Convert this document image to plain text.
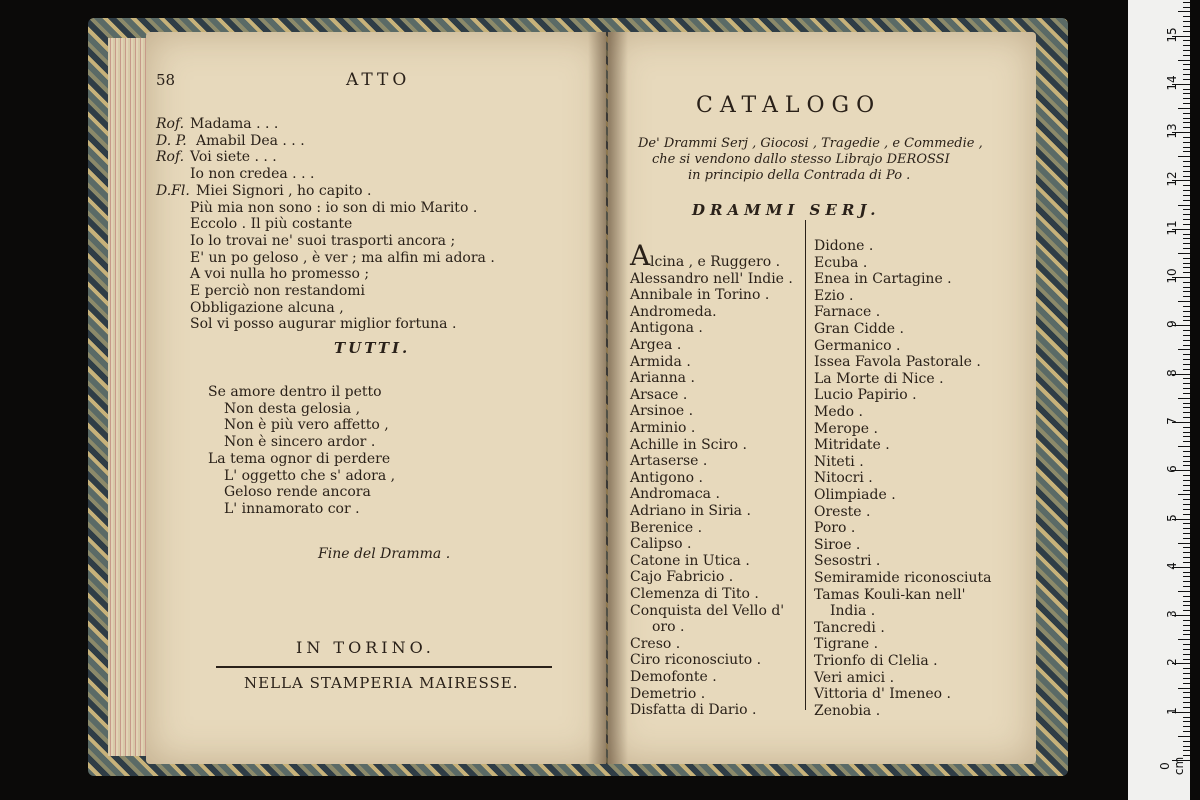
58	ATTO
Rof. Madama . . .
D. P. Amabil Dea . . .
Rof. Voi siete . . .
Io non credea . . .
D.Fl. Miei Signori , ho capito .
Più mia non sono : io son di mio Marito .
Eccolo . Il più costante
Io lo trovai ne' suoi trasporti ancora ;
E' un po geloso , è ver ; ma alfin mi adora .
A voi nulla ho promesso ;
E perciò non restandomi
Obbligazione alcuna ,
Sol vi posso augurar miglior fortuna .
TUTTI.
Se amore dentro il petto
Non desta gelosia ,
Non è più vero affetto ,
Non è sincero ardor .
La tema ognor di perdere
L' oggetto che s' adora ,
Geloso rende ancora
L' innamorato cor .
Fine del Dramma .
IN TORINO.
NELLA STAMPERIA MAIRESSE.
CATALOGO
De' Drammi Serj , Giocosi , Tragedie , e Commedie ,
che si vendono dallo stesso Librajo DEROSSI
in principio della Contrada di Po .
DRAMMI SERJ.
A lcina , e Ruggero .
Alessandro nell' Indie .
Annibale in Torino .
Andromeda.
Antigona .
Argea .
Armida .
Arianna .
Arsace .
Arsinoe .
Arminio .
Achille in Sciro .
Artaserse .
Antigono .
Andromaca .
Adriano in Siria .
Berenice .
Calipso .
Catone in Utica .
Cajo Fabricio .
Clemenza di Tito .
Conquista del Vello d'
oro .
Creso .
Ciro riconosciuto .
Demofonte .
Demetrio .
Disfatta di Dario .
Didone .
Ecuba .
Enea in Cartagine .
Ezio .
Farnace .
Gran Cidde .
Germanico .
Issea Favola Pastorale .
La Morte di Nice .
Lucio Papirio .
Medo .
Merope .
Mitridate .
Niteti .
Nitocri .
Olimpiade .
Oreste .
Poro .
Siroe .
Sesostri .
Semiramide riconosciuta
Tamas Kouli-kan nell'
India .
Tancredi .
Tigrane .
Trionfo di Clelia .
Veri amici .
Vittoria d' Imeneo .
Zenobia .
0 cm
1
2
3
4
5
6
7
8
9
10
11
12
13
14
15
